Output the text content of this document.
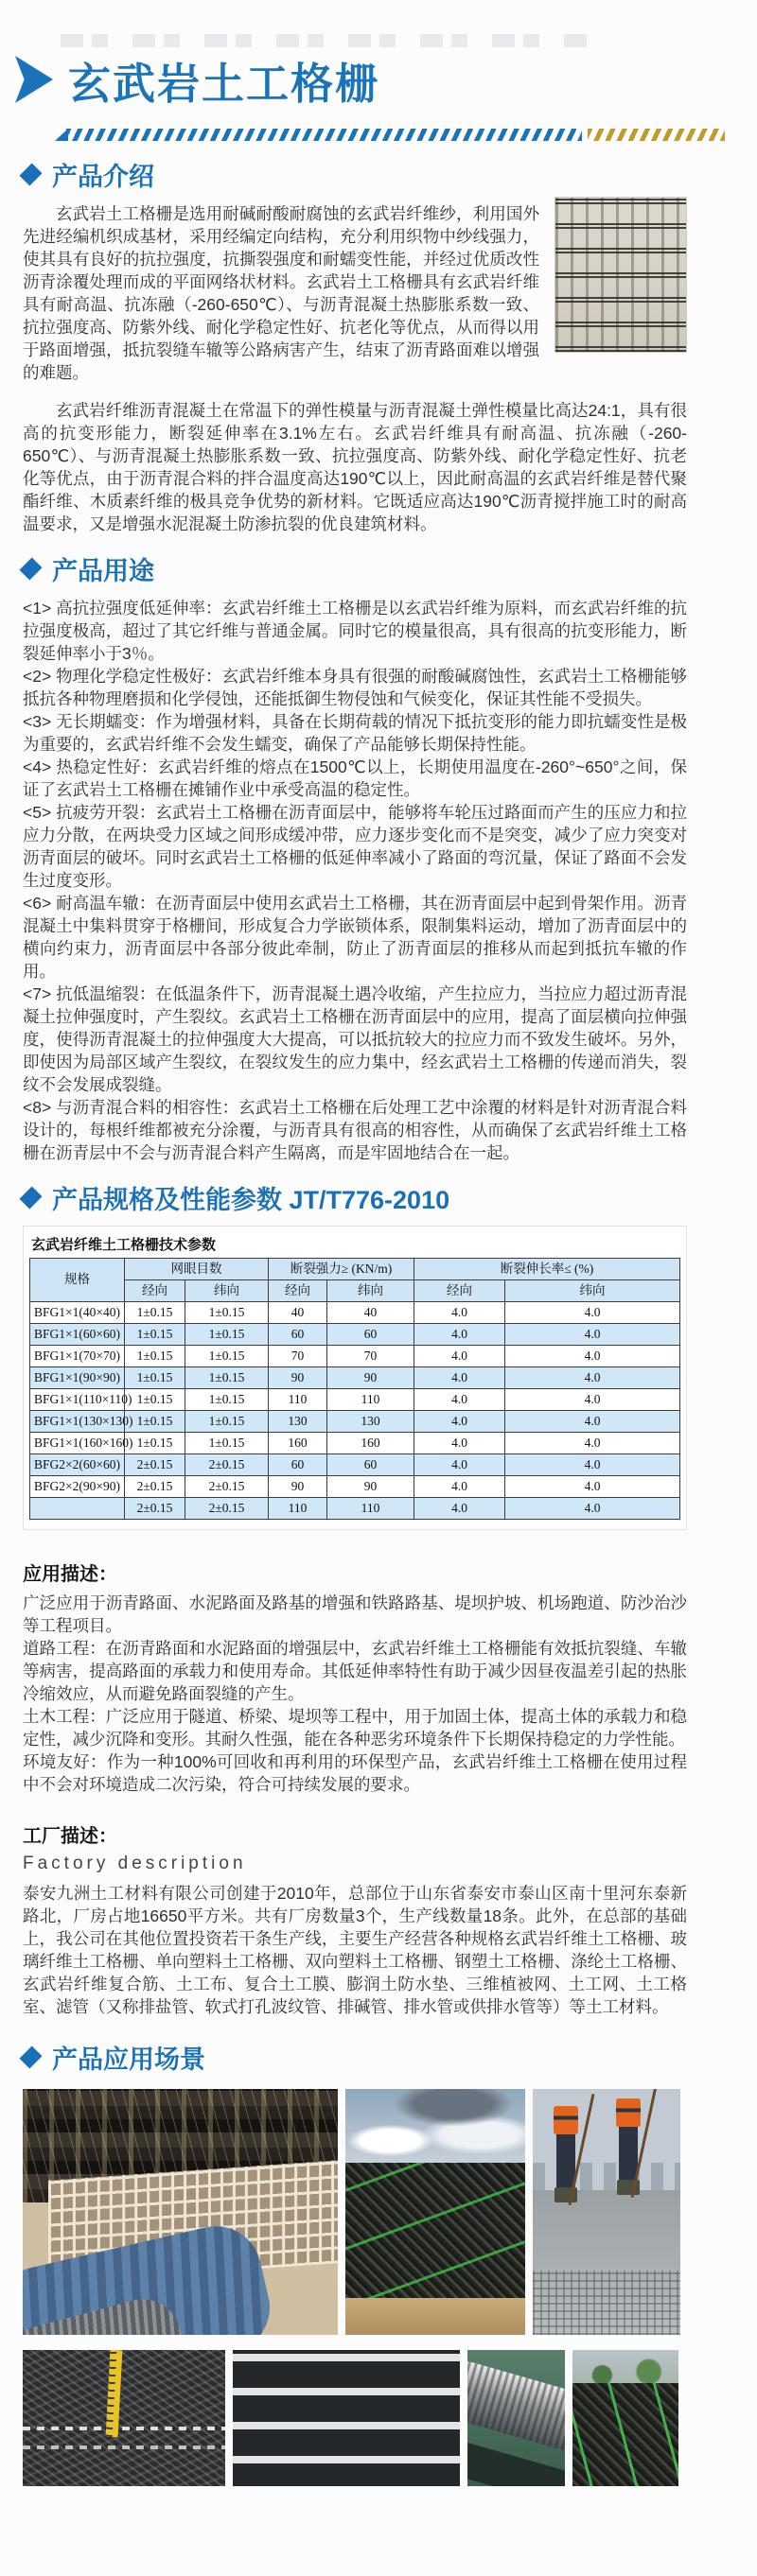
玄武岩土工格栅
产品介绍

玄武岩土工格栅是选用耐碱耐酸耐腐蚀的玄武岩纤维纱，利用国外先进经编机织成基材，采用经编定向结构，充分利用织物中纱线强力，使其具有良好的抗拉强度，抗撕裂强度和耐蠕变性能，并经过优质改性沥青涂覆处理而成的平面网络状材料。玄武岩土工格栅具有玄武岩纤维具有耐高温、抗冻融（-260-650℃）、与沥青混凝土热膨胀系数一致、抗拉强度高、防紫外线、耐化学稳定性好、抗老化等优点，从而得以用于路面增强，抵抗裂缝车辙等公路病害产生，结束了沥青路面难以增强的难题。

玄武岩纤维沥青混凝土在常温下的弹性模量与沥青混凝土弹性模量比高达24:1，具有很高的抗变形能力，断裂延伸率在3.1%左右。玄武岩纤维具有耐高温、抗冻融（-260-650℃）、与沥青混凝土热膨胀系数一致、抗拉强度高、防紫外线、耐化学稳定性好、抗老化等优点，由于沥青混合料的拌合温度高达190℃以上，因此耐高温的玄武岩纤维是替代聚酯纤维、木质素纤维的极具竞争优势的新材料。它既适应高达190℃沥青搅拌施工时的耐高温要求，又是增强水泥混凝土防渗抗裂的优良建筑材料。

产品用途

<1> 高抗拉强度低延伸率：玄武岩纤维土工格栅是以玄武岩纤维为原料，而玄武岩纤维的抗拉强度极高，超过了其它纤维与普通金属。同时它的模量很高，具有很高的抗变形能力，断裂延伸率小于3％。

<2> 物理化学稳定性极好：玄武岩纤维本身具有很强的耐酸碱腐蚀性，玄武岩土工格栅能够抵抗各种物理磨损和化学侵蚀，还能抵御生物侵蚀和气候变化，保证其性能不受损失。

<3> 无长期蠕变：作为增强材料，具备在长期荷载的情况下抵抗变形的能力即抗蠕变性是极为重要的，玄武岩纤维不会发生蠕变，确保了产品能够长期保持性能。

<4> 热稳定性好：玄武岩纤维的熔点在1500℃以上，长期使用温度在-260°~650°之间，保证了玄武岩土工格栅在摊铺作业中承受高温的稳定性。

<5> 抗疲劳开裂：玄武岩土工格栅在沥青面层中，能够将车轮压过路面而产生的压应力和拉应力分散，在两块受力区域之间形成缓冲带，应力逐步变化而不是突变，减少了应力突变对沥青面层的破坏。同时玄武岩土工格栅的低延伸率减小了路面的弯沉量，保证了路面不会发生过度变形。

<6> 耐高温车辙：在沥青面层中使用玄武岩土工格栅，其在沥青面层中起到骨架作用。沥青混凝土中集料贯穿于格栅间，形成复合力学嵌锁体系，限制集料运动，增加了沥青面层中的横向约束力，沥青面层中各部分彼此牵制，防止了沥青面层的推移从而起到抵抗车辙的作用。

<7> 抗低温缩裂：在低温条件下，沥青混凝土遇冷收缩，产生拉应力，当拉应力超过沥青混凝土拉伸强度时，产生裂纹。玄武岩土工格栅在沥青面层中的应用，提高了面层横向拉伸强度，使得沥青混凝土的拉伸强度大大提高，可以抵抗较大的拉应力而不致发生破坏。另外，即使因为局部区域产生裂纹，在裂纹发生的应力集中，经玄武岩土工格栅的传递而消失，裂纹不会发展成裂缝。

<8> 与沥青混合料的相容性：玄武岩土工格栅在后处理工艺中涂覆的材料是针对沥青混合料设计的，每根纤维都被充分涂覆，与沥青具有很高的相容性，从而确保了玄武岩纤维土工格栅在沥青层中不会与沥青混合料产生隔离，而是牢固地结合在一起。

产品规格及性能参数 JT/T776-2010

玄武岩纤维土工格栅技术参数

规格	网眼目数		断裂强力≥ (KN/m)		断裂伸长率≤ (%)	
	经向	纬向	经向	纬向	经向	纬向
BFG1×1(40×40)	1±0.15	1±0.15	40	40	4.0	4.0
BFG1×1(60×60)	1±0.15	1±0.15	60	60	4.0	4.0
BFG1×1(70×70)	1±0.15	1±0.15	70	70	4.0	4.0
BFG1×1(90×90)	1±0.15	1±0.15	90	90	4.0	4.0
BFG1×1(110×110)	1±0.15	1±0.15	110	110	4.0	4.0
BFG1×1(130×130)	1±0.15	1±0.15	130	130	4.0	4.0
BFG1×1(160×160)	1±0.15	1±0.15	160	160	4.0	4.0
BFG2×2(60×60)	2±0.15	2±0.15	60	60	4.0	4.0
BFG2×2(90×90)	2±0.15	2±0.15	90	90	4.0	4.0
	2±0.15	2±0.15	110	110	4.0	4.0

应用描述：

广泛应用于沥青路面、水泥路面及路基的增强和铁路路基、堤坝护坡、机场跑道、防沙治沙等工程项目。

道路工程：在沥青路面和水泥路面的增强层中，玄武岩纤维土工格栅能有效抵抗裂缝、车辙等病害，提高路面的承载力和使用寿命。其低延伸率特性有助于减少因昼夜温差引起的热胀冷缩效应，从而避免路面裂缝的产生。

土木工程：广泛应用于隧道、桥梁、堤坝等工程中，用于加固土体，提高土体的承载力和稳定性，减少沉降和变形。其耐久性强，能在各种恶劣环境条件下长期保持稳定的力学性能。

环境友好：作为一种100%可回收和再利用的环保型产品，玄武岩纤维土工格栅在使用过程中不会对环境造成二次污染，符合可持续发展的要求。

工厂描述：

Factory description

泰安九洲土工材料有限公司创建于2010年，总部位于山东省泰安市泰山区南十里河东泰新路北，厂房占地16650平方米。共有厂房数量3个，生产线数量18条。此外，在总部的基础上，我公司在其他位置投资若干条生产线，主要生产经营各种规格玄武岩纤维土工格栅、玻璃纤维土工格栅、单向塑料土工格栅、双向塑料土工格栅、钢塑土工格栅、涤纶土工格栅、玄武岩纤维复合筋、土工布、复合土工膜、膨润土防水垫、三维植被网、土工网、土工格室、滤管（又称排盐管、软式打孔波纹管、排碱管、排水管或供排水管等）等土工材料。

产品应用场景
